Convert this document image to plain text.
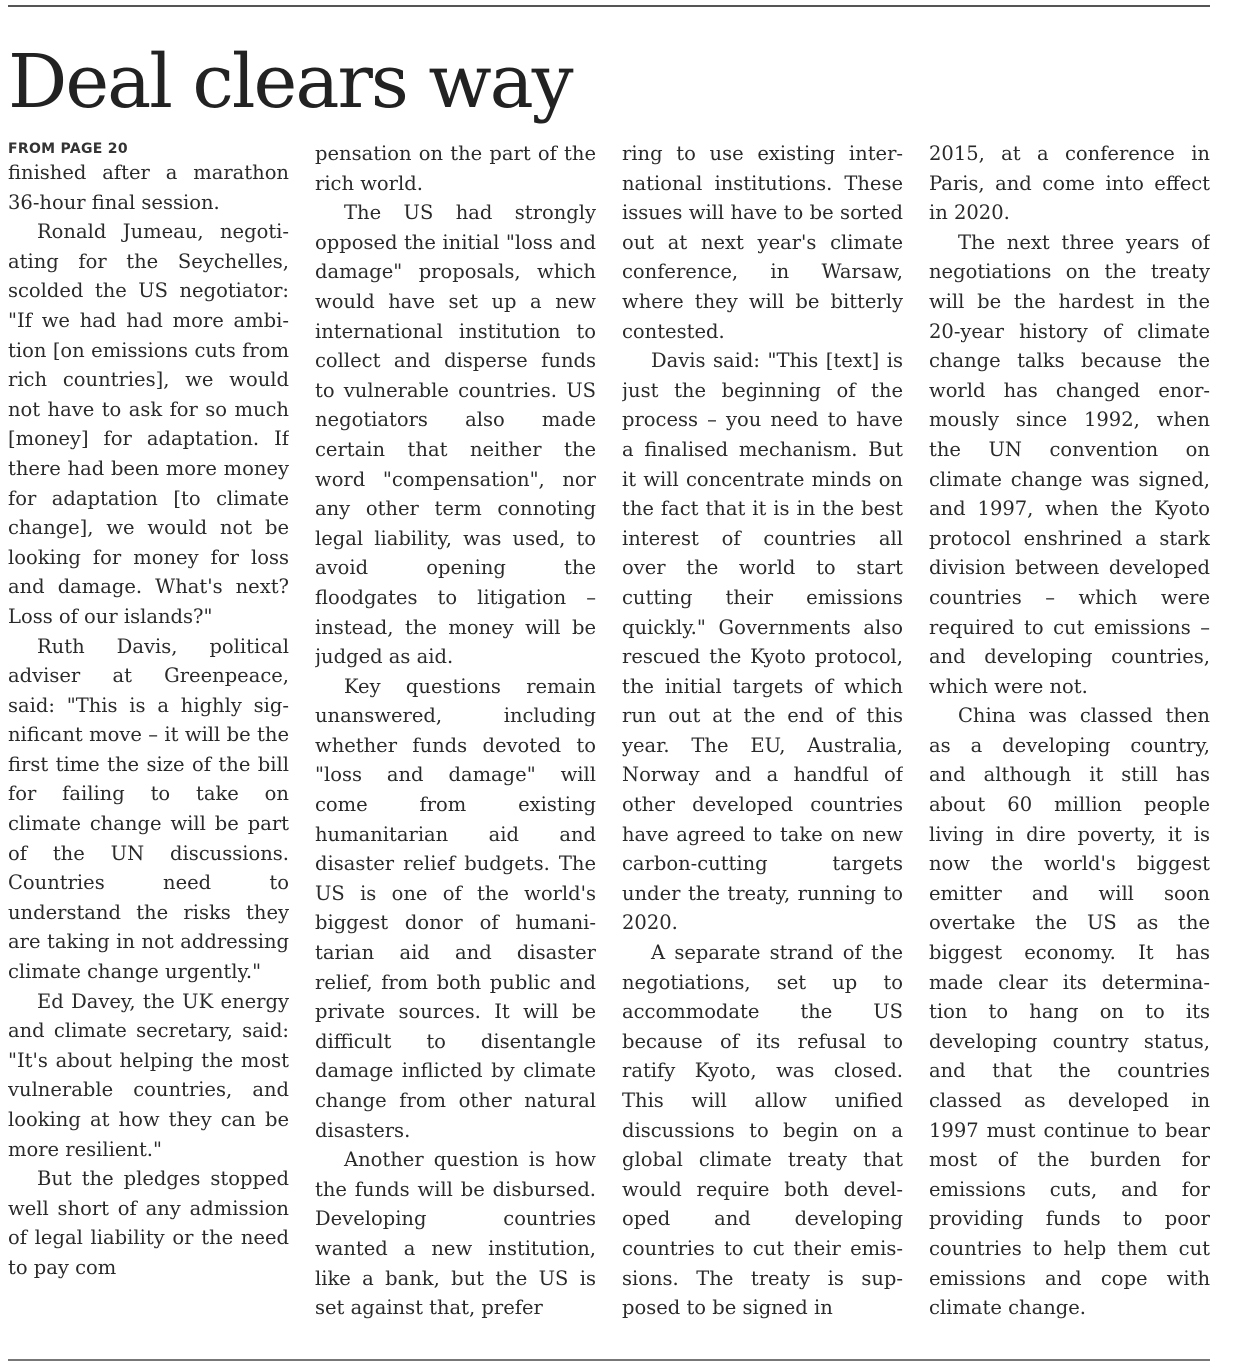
Deal clears way
FROM PAGE 20

finished after a marathon 36-hour final session.

Ronald Jumeau, negotiating for the Seychelles, scolded the US negotiator: "If we had had more ambition [on emissions cuts from rich countries], we would not have to ask for so much [money] for adaptation. If there had been more money for adaptation [to climate change], we would not be looking for money for loss and damage. What's next? Loss of our islands?"

Ruth Davis, political adviser at Greenpeace, said: "This is a highly significant move – it will be the first time the size of the bill for failing to take on climate change will be part of the UN discussions. Countries need to understand the risks they are taking in not addressing climate change urgently."

Ed Davey, the UK energy and climate secretary, said: "It's about helping the most vulnerable countries, and looking at how they can be more resilient."

But the pledges stopped well short of any admission of legal liability or the need to pay com

pensation on the part of the rich world.

The US had strongly opposed the initial "loss and damage" proposals, which would have set up a new international institution to collect and disperse funds to vulnerable countries. US negotiators also made certain that neither the word "compensation", nor any other term connoting legal liability, was used, to avoid opening the floodgates to litigation – instead, the money will be judged as aid.

Key questions remain unanswered, including whether funds devoted to "loss and damage" will come from existing humanitarian aid and disaster relief budgets. The US is one of the world's biggest donor of humanitarian aid and disaster relief, from both public and private sources. It will be difficult to disentangle damage inflicted by climate change from other natural disasters.

Another question is how the funds will be disbursed. Developing countries wanted a new institution, like a bank, but the US is set against that, prefer

ring to use existing international institutions. These issues will have to be sorted out at next year's climate conference, in Warsaw, where they will be bitterly contested.

Davis said: "This [text] is just the beginning of the process – you need to have a finalised mechanism. But it will concentrate minds on the fact that it is in the best interest of countries all over the world to start cutting their emissions quickly." Governments also rescued the Kyoto protocol, the initial targets of which run out at the end of this year. The EU, Australia, Norway and a handful of other developed countries have agreed to take on new carbon-cutting targets under the treaty, running to 2020.

A separate strand of the negotiations, set up to accommodate the US because of its refusal to ratify Kyoto, was closed. This will allow unified discussions to begin on a global climate treaty that would require both developed and developing countries to cut their emissions. The treaty is supposed to be signed in

2015, at a conference in Paris, and come into effect in 2020.

The next three years of negotiations on the treaty will be the hardest in the 20-year history of climate change talks because the world has changed enormously since 1992, when the UN convention on climate change was signed, and 1997, when the Kyoto protocol enshrined a stark division between developed countries – which were required to cut emissions – and developing countries, which were not.

China was classed then as a developing country, and although it still has about 60 million people living in dire poverty, it is now the world's biggest emitter and will soon overtake the US as the biggest economy. It has made clear its determination to hang on to its developing country status, and that the countries classed as developed in 1997 must continue to bear most of the burden for emissions cuts, and for providing funds to poor countries to help them cut emissions and cope with climate change.
